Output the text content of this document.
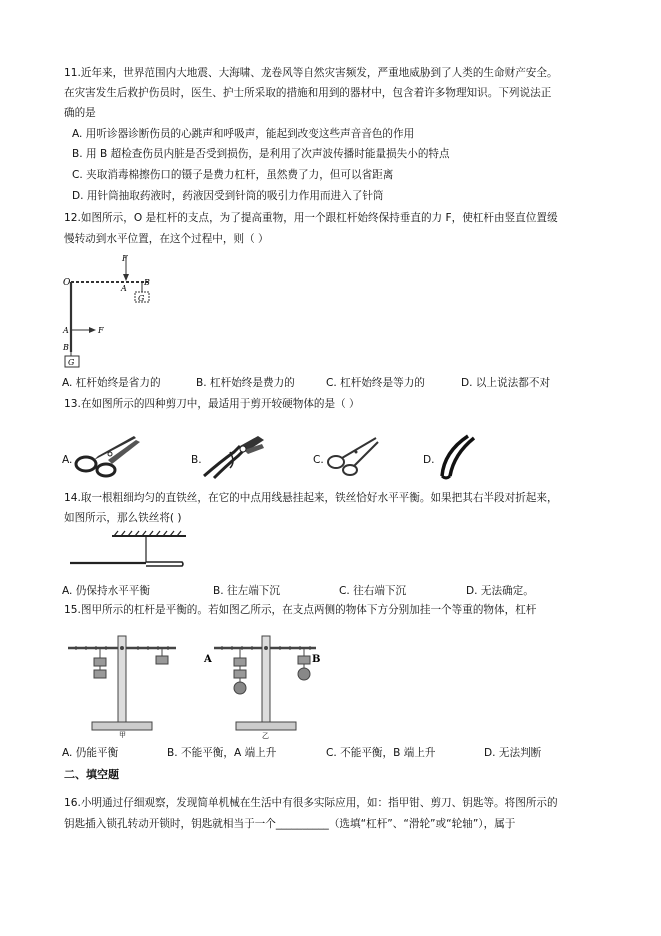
11.近年来，世界范围内大地震、大海啸、龙卷风等自然灾害频发，严重地威胁到了人类的生命财产安全。
在灾害发生后救护伤员时，医生、护士所采取的措施和用到的器材中，包含着许多物理知识。下列说法正
确的是
A. 用听诊器诊断伤员的心跳声和呼吸声，能起到改变这些声音音色的作用
B. 用 B 超检查伤员内脏是否受到损伤，是利用了次声波传播时能量损失小的特点
C. 夹取消毒棉擦伤口的镊子是费力杠杆，虽然费了力，但可以省距离
D. 用针筒抽取药液时，药液因受到针筒的吸引力作用而进入了针筒
12.如图所示，O 是杠杆的支点，为了提高重物，用一个跟杠杆始终保持垂直的力 F，使杠杆由竖直位置缓
慢转动到水平位置，在这个过程中，则（ ）
O
F
B
A
G
A	F
B
G
A. 杠杆始终是省力的	B. 杠杆始终是费力的	C. 杠杆始终是等力的	D. 以上说法都不对
13.在如图所示的四种剪刀中，最适用于剪开较硬物体的是（ ）
A.	B.	C.	D.
14.取一根粗细均匀的直铁丝，在它的中点用线悬挂起来，铁丝恰好水平平衡。如果把其右半段对折起来，
如图所示，那么铁丝将( )
A. 仍保持水平平衡	B. 往左端下沉	C. 往右端下沉	D. 无法确定。
15.图甲所示的杠杆是平衡的。若如图乙所示，在支点两侧的物体下方分别加挂一个等重的物体，杠杆
甲
A	B
乙
A. 仍能平衡	B. 不能平衡，A 端上升	C. 不能平衡，B 端上升	D. 无法判断
二、填空题
16.小明通过仔细观察，发现简单机械在生活中有很多实际应用，如：指甲钳、剪刀、钥匙等。将图所示的
钥匙插入锁孔转动开锁时，钥匙就相当于一个__________（选填“杠杆”、“滑轮”或“轮轴”），属于
